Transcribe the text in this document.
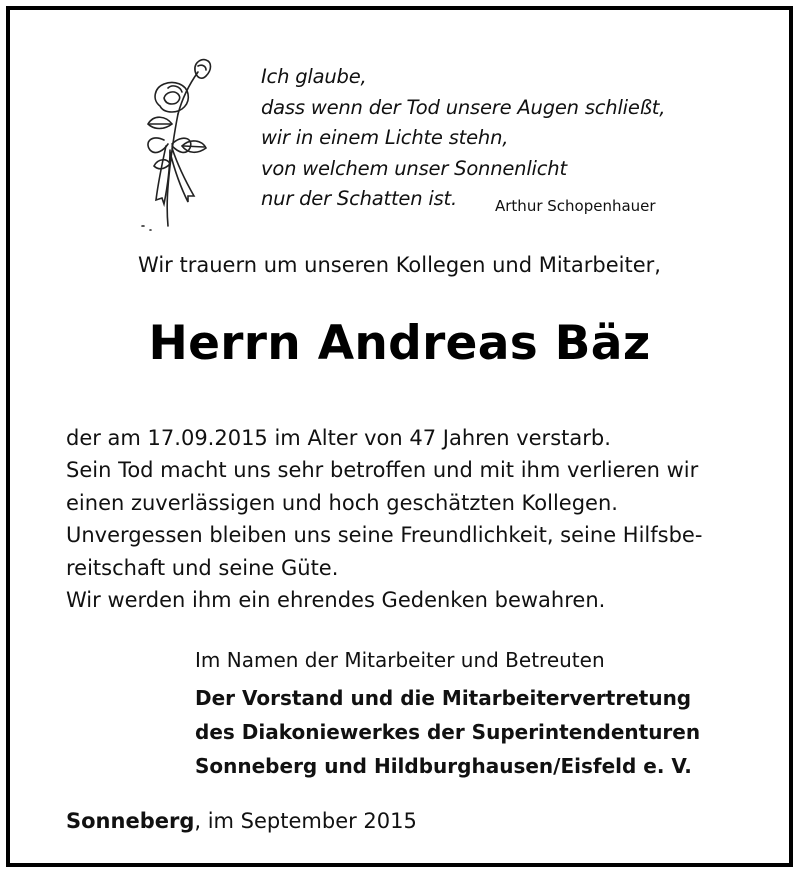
Ich glaube,
dass wenn der Tod unsere Augen schließt,
wir in einem Lichte stehn,
von welchem unser Sonnenlicht
nur der Schatten ist.	Arthur Schopenhauer
Wir trauern um unseren Kollegen und Mitarbeiter,
Herrn Andreas Bäz
der am 17.09.2015 im Alter von 47 Jahren verstarb.
Sein Tod macht uns sehr betroffen und mit ihm verlieren wir
einen zuverlässigen und hoch geschätzten Kollegen.
Unvergessen bleiben uns seine Freundlichkeit, seine Hilfsbe-
reitschaft und seine Güte.
Wir werden ihm ein ehrendes Gedenken bewahren.
Im Namen der Mitarbeiter und Betreuten
Der Vorstand und die Mitarbeitervertretung
des Diakoniewerkes der Superintendenturen
Sonneberg und Hildburghausen/Eisfeld e. V.
Sonneberg, im September 2015
